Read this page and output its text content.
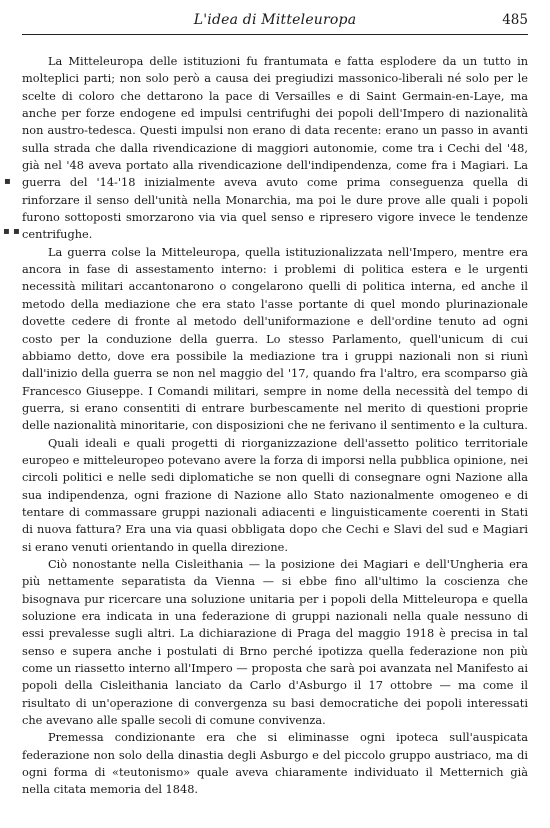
L'idea di Mitteleuropa	485

La Mitteleuropa delle istituzioni fu frantumata e fatta esplodere da un tutto in molteplici parti; non solo però a causa dei pregiudizi massonico-liberali né solo per le scelte di coloro che dettarono la pace di Versailles e di Saint Germain-en-Laye, ma anche per forze endogene ed impulsi centrifughi dei popoli dell'Impero di nazionalità non austro-tedesca. Questi impulsi non erano di data recente: erano un passo in avanti sulla strada che dalla rivendicazione di maggiori autonomie, come tra i Cechi del '48, già nel '48 aveva portato alla rivendicazione dell'indipendenza, come fra i Magiari. La guerra del '14-'18 inizialmente aveva avuto come prima conseguenza quella di rinforzare il senso dell'unità nella Monarchia, ma poi le dure prove alle quali i popoli furono sottoposti smorzarono via via quel senso e ripresero vigore invece le tendenze centrifughe.

La guerra colse la Mitteleuropa, quella istituzionalizzata nell'Impero, mentre era ancora in fase di assestamento interno: i problemi di politica estera e le urgenti necessità militari accantonarono o congelarono quelli di politica interna, ed anche il metodo della mediazione che era stato l'asse portante di quel mondo plurinazionale dovette cedere di fronte al metodo dell'uniformazione e dell'ordine tenuto ad ogni costo per la conduzione della guerra. Lo stesso Parlamento, quell'unicum di cui abbiamo detto, dove era possibile la mediazione tra i gruppi nazionali non si riunì dall'inizio della guerra se non nel maggio del '17, quando fra l'altro, era scomparso già Francesco Giuseppe. I Comandi militari, sempre in nome della necessità del tempo di guerra, si erano consentiti di entrare burbescamente nel merito di questioni proprie delle nazionalità minoritarie, con disposizioni che ne ferivano il sentimento e la cultura.

Quali ideali e quali progetti di riorganizzazione dell'assetto politico territoriale europeo e mitteleuropeo potevano avere la forza di imporsi nella pubblica opinione, nei circoli politici e nelle sedi diplomatiche se non quelli di consegnare ogni Nazione alla sua indipendenza, ogni frazione di Nazione allo Stato nazionalmente omogeneo e di tentare di commassare gruppi nazionali adiacenti e linguisticamente coerenti in Stati di nuova fattura? Era una via quasi obbligata dopo che Cechi e Slavi del sud e Magiari si erano venuti orientando in quella direzione.

Ciò nonostante nella Cisleithania — la posizione dei Magiari e dell'Ungheria era più nettamente separatista da Vienna — si ebbe fino all'ultimo la coscienza che bisognava pur ricercare una soluzione unitaria per i popoli della Mitteleuropa e quella soluzione era indicata in una federazione di gruppi nazionali nella quale nessuno di essi prevalesse sugli altri. La dichiarazione di Praga del maggio 1918 è precisa in tal senso e supera anche i postulati di Brno perché ipotizza quella federazione non più come un riassetto interno all'Impero — proposta che sarà poi avanzata nel Manifesto ai popoli della Cisleithania lanciato da Carlo d'Asburgo il 17 ottobre — ma come il risultato di un'operazione di convergenza su basi democratiche dei popoli interessati che avevano alle spalle secoli di comune convivenza.

Premessa condizionante era che si eliminasse ogni ipoteca sull'auspicata federazione non solo della dinastia degli Asburgo e del piccolo gruppo austriaco, ma di ogni forma di «teutonismo» quale aveva chiaramente individuato il Metternich già nella citata memoria del 1848.

▪
▪ ▪
